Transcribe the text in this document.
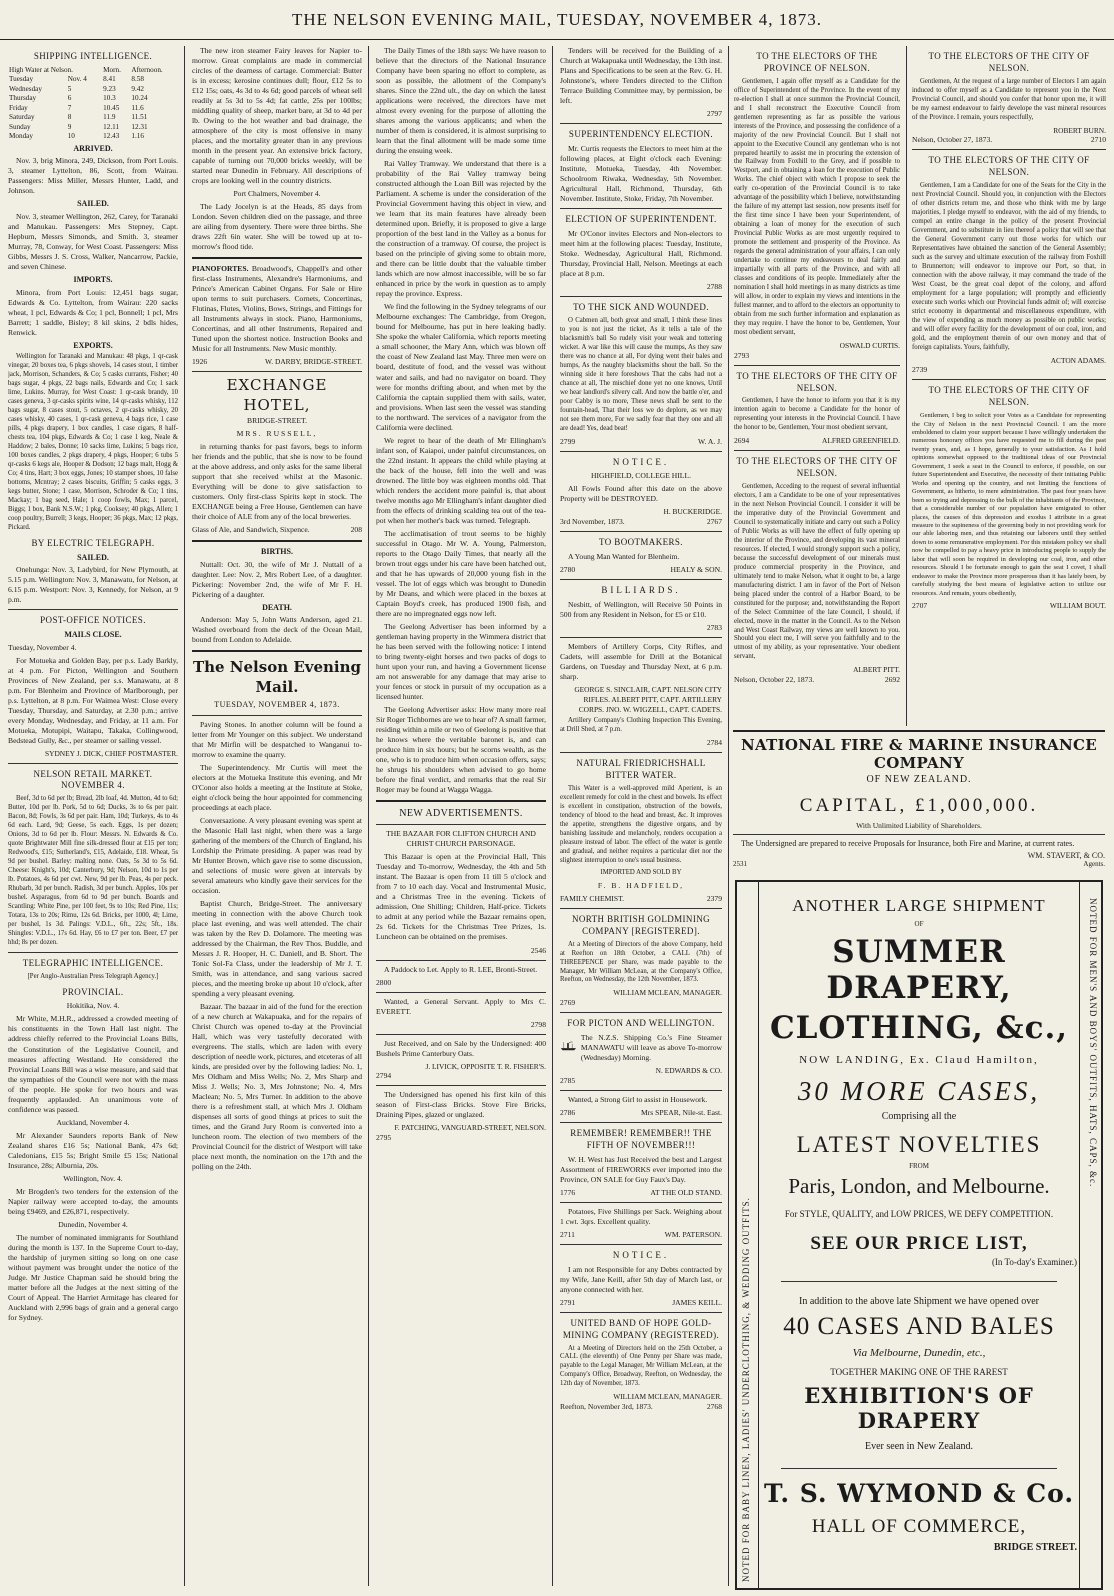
THE NELSON EVENING MAIL, TUESDAY, NOVEMBER 4, 1873.
SHIPPING INTELLIGENCE.
High Water at Nelson.		Morn.	Afternoon.
Tuesday	Nov. 4	8.41	8.58
Wednesday	5	9.23	9.42
Thursday	6	10.3	10.24
Friday	7	10.45	11.6
Saturday	8	11.9	11.51
Sunday	9	12.11	12.31
Monday	10	12.43	1.16
ARRIVED.

Nov. 3, brig Minora, 249, Dickson, from Port Louis. 3, steamer Lyttelton, 86, Scott, from Wairau. Passengers: Miss Miller, Messrs Hunter, Ladd, and Johnson.

SAILED.

Nov. 3, steamer Wellington, 262, Carey, for Taranaki and Manukau. Passengers: Mrs Stepney, Capt. Hepburn, Messrs Simonds, and Smith. 3, steamer Murray, 78, Conway, for West Coast. Passengers: Miss Gibbs, Messrs J. S. Cross, Walker, Nancarrow, Packie, and seven Chinese.

IMPORTS.

Minora, from Port Louis: 12,451 bags sugar, Edwards & Co. Lyttelton, from Wairau: 220 sacks wheat, 1 pcl, Edwards & Co; 1 pcl, Bonnell; 1 pcl, Mrs Barrett; 1 saddle, Bisley; 8 kil skins, 2 bdls hides, Renwick.

EXPORTS.

Wellington for Taranaki and Manukau: 48 pkgs, 1 qr-cask vinegar, 20 boxes tea, 6 pkgs shovels, 14 cases stout, 1 timber jack, Morrison, Schanders, & Co; 5 casks currants, Fisher; 40 bags sugar, 4 pkgs, 22 bags nails, Edwards and Co; 1 sack lime, Lukins. Murray, for West Coast: 1 qr-cask brandy, 10 cases geneva, 3 qr-casks spirits wine, 14 qr-casks whisky, 112 bags sugar, 8 cases stout, 5 octaves, 2 qr-casks whisky, 20 cases whisky, 40 cases, 1 qr-cask geneva, 4 bags rice, 1 case pills, 4 pkgs drapery, 1 box candles, 1 case cigars, 8 half-chests tea, 104 pkgs, Edwards & Co; 1 case 1 keg, Neale & Haddow; 2 bales, Donne; 10 sacks lime, Lukins; 5 bags rice, 100 boxes candles, 2 pkgs drapery, 4 pkgs, Hooper; 6 tubs 5 qr-casks 6 kegs ale, Hooper & Dodson; 12 bags malt, Hogg & Co; 4 tins, Hart; 3 box eggs, Jones; 10 stamper shoes, 10 false bottoms, Mcntray; 2 cases biscuits, Griffin; 5 casks eggs, 3 kegs butter, Stone; 1 case, Morrison, Schroder & Co; 1 tins, Mackay; 1 bag seed, Hale; 1 coop fowls, Max; 1 parcel, Biggs; 1 box, Bank N.S.W.; 1 pkg, Cooksey; 40 pkgs, Allen; 1 coop poultry, Burrell; 3 kegs, Hooper; 36 pkgs, Max; 12 pkgs, Pickard.

BY ELECTRIC TELEGRAPH.
SAILED.

Onehunga: Nov. 3, Ladybird, for New Plymouth, at 5.15 p.m. Wellington: Nov. 3, Manawatu, for Nelson, at 6.15 p.m. Westport: Nov. 3, Kennedy, for Nelson, at 9 p.m.

POST-OFFICE NOTICES.
MAILS CLOSE.

Tuesday, November 4.

For Motueka and Golden Bay, per p.s. Lady Barkly, at 4 p.m. For Picton, Wellington and Southern Provinces of New Zealand, per s.s. Manawatu, at 8 p.m. For Blenheim and Province of Marlborough, per p.s. Lyttelton, at 8 p.m. For Waimea West: Close every Tuesday, Thursday, and Saturday, at 2.30 p.m.; arrive every Monday, Wednesday, and Friday, at 11 a.m. For Motueka, Motupipi, Waitapu, Takaka, Collingwood, Bedstead Gully, &c., per steamer or sailing vessel.

SYDNEY J. DICK, CHIEF POSTMASTER.
NELSON RETAIL MARKET. NOVEMBER 4.

Beef, 3d to 6d per lb; Bread, 2lb loaf, 4d. Mutton, 4d to 6d; Butter, 10d per lb. Pork, 5d to 6d; Ducks, 3s to 6s per pair. Bacon, 8d; Fowls, 3s 6d per pair. Ham, 10d; Turkeys, 4s to 4s 6d each. Lard, 9d; Geese, 5s each. Eggs, 1s per dozen; Onions, 3d to 6d per lb. Flour: Messrs. N. Edwards & Co. quote Brightwater Mill fine silk-dressed flour at £15 per ton; Redwood's, £15; Sutherland's, £15, Adelaide, £18. Wheat, 5s 9d per bushel. Barley: malting none. Oats, 5s 3d to 5s 6d. Cheese: Knight's, 10d; Canterbury, 9d; Nelson, 10d to 1s per lb. Potatoes, 4s 6d per cwt. New, 9d per lb. Peas, 4s per peck. Rhubarb, 3d per bunch. Radish, 3d per bunch. Apples, 10s per bushel. Asparagus, from 6d to 9d per bunch. Boards and Scantling: White Pine, per 100 feet, 9s to 10s; Red Pine, 11s; Totara, 13s to 20s; Rimu, 12s 6d. Bricks, per 1000, 4l; Lime, per bushel, 1s 3d. Palings: V.D.L., 6ft., 22s; 5ft., 18s. Shingles: V.D.L., 17s 6d. Hay, £6 to £7 per ton. Beer, £7 per hhd; 8s per dozen.

TELEGRAPHIC INTELLIGENCE.

[Per Anglo-Australian Press Telegraph Agency.]

PROVINCIAL.

Hokitika, Nov. 4.

Mr White, M.H.R., addressed a crowded meeting of his constituents in the Town Hall last night. The address chiefly referred to the Provincial Loans Bills, the Constitution of the Legislative Council, and measures affecting Westland. He considered the Provincial Loans Bill was a wise measure, and said that the sympathies of the Council were not with the mass of the people. He spoke for two hours and was frequently applauded. An unanimous vote of confidence was passed.

Auckland, November 4.

Mr Alexander Saunders reports Bank of New Zealand shares £16 5s; National Bank, 47s 6d; Caledonians, £15 5s; Bright Smile £5 15s; National Insurance, 28s; Alburnia, 20s.

Wellington, Nov. 4.

Mr Brogden's two tenders for the extension of the Napier railway were accepted to-day, the amounts being £9469, and £26,871, respectively.

Dunedin, November 4.

The number of nominated immigrants for Southland during the month is 137. In the Supreme Court to-day, the hardship of jurymen sitting so long on one case without payment was brought under the notice of the Judge. Mr Justice Chapman said he should bring the matter before all the Judges at the next sitting of the Court of Appeal. The Harriet Armitage has cleared for Auckland with 2,996 bags of grain and a general cargo for Sydney.

The new iron steamer Fairy leaves for Napier to-morrow. Great complaints are made in commercial circles of the dearness of cartage. Commercial: Butter is in excess; kerosine continues dull; flour, £12 5s to £12 15s; oats, 4s 3d to 4s 6d; good parcels of wheat sell readily at 5s 3d to 5s 4d; fat cattle, 25s per 100lbs; middling quality of sheep, market bare, at 3d to 4d per lb. Owing to the hot weather and bad drainage, the atmosphere of the city is most offensive in many places, and the mortality greater than in any previous month in the present year. An extensive brick factory, capable of turning out 70,000 bricks weekly, will be started near Dunedin in February. All descriptions of crops are looking well in the country districts.

Port Chalmers, November 4.

The Lady Jocelyn is at the Heads, 85 days from London. Seven children died on the passage, and three are ailing from dysentery. There were three births. She draws 22ft 6in water. She will be towed up at to-morrow's flood tide.

PIANOFORTES. Broadwood's, Chappell's and other first-class Instruments, Alexandre's Harmoniums, and Prince's American Cabinet Organs. For Sale or Hire upon terms to suit purchasers. Cornets, Concertinas, Flutinas, Flutes, Violins, Bows, Strings, and Fittings for all Instruments always in stock. Piano, Harmoniums, Concertinas, and all other Instruments, Repaired and Tuned upon the shortest notice. Instruction Books and Music for all Instruments. New Music monthly.

1926	W. DARBY, BRIDGE-STREET.
EXCHANGE HOTEL,

BRIDGE-STREET.

MRS. RUSSELL,

in returning thanks for past favors, begs to inform her friends and the public, that she is now to be found at the above address, and only asks for the same liberal support that she received whilst at the Masonic. Everything will be done to give satisfaction to customers. Only first-class Spirits kept in stock. The EXCHANGE being a Free House, Gentlemen can have their choice of ALE from any of the local breweries.

Glass of Ale, and Sandwich, Sixpence.	208
BIRTHS.

Nuttall: Oct. 30, the wife of Mr J. Nuttall of a daughter. Lee: Nov. 2, Mrs Robert Lee, of a daughter. Pickering: November 2nd, the wife of Mr F. H. Pickering of a daughter.

DEATH.

Anderson: May 5, John Watts Anderson, aged 21. Washed overboard from the deck of the Ocean Mail, bound from London to Adelaide.

The Nelson Evening Mail.
TUESDAY, NOVEMBER 4, 1873.

Paving Stones. In another column will be found a letter from Mr Younger on this subject. We understand that Mr Mirfin will be despatched to Wanganui to-morrow to examine the quarry.

The Superintendency. Mr Curtis will meet the electors at the Motueka Institute this evening, and Mr O'Conor also holds a meeting at the Institute at Stoke, eight o'clock being the hour appointed for commencing proceedings at each place.

Conversazione. A very pleasant evening was spent at the Masonic Hall last night, when there was a large gathering of the members of the Church of England, his Lordship the Primate presiding. A paper was read by Mr Hunter Brown, which gave rise to some discussion, and selections of music were given at intervals by several amateurs who kindly gave their services for the occasion.

Baptist Church, Bridge-Street. The anniversary meeting in connection with the above Church took place last evening, and was well attended. The chair was taken by the Rev D. Dolamore. The meeting was addressed by the Chairman, the Rev Thos. Buddle, and Messrs J. R. Hooper, H. C. Daniell, and B. Short. The Tonic Sol-Fa Class, under the leadership of Mr J. T. Smith, was in attendance, and sang various sacred pieces, and the meeting broke up about 10 o'clock, after spending a very pleasant evening.

Bazaar. The bazaar in aid of the fund for the erection of a new church at Wakapuaka, and for the repairs of Christ Church was opened to-day at the Provincial Hall, which was very tastefully decorated with evergreens. The stalls, which are laden with every description of needle work, pictures, and etceteras of all kinds, are presided over by the following ladies: No. 1, Mrs Oldham and Miss Wells; No. 2, Mrs Sharp and Miss J. Wells; No. 3, Mrs Johnstone; No. 4, Mrs Maclean; No. 5, Mrs Turner. In addition to the above there is a refreshment stall, at which Mrs J. Oldham dispenses all sorts of good things at prices to suit the times, and the Grand Jury Room is converted into a luncheon room. The election of two members of the Provincial Council for the district of Westport will take place next month, the nomination on the 17th and the polling on the 24th.

The Daily Times of the 18th says: We have reason to believe that the directors of the National Insurance Company have been sparing no effort to complete, as soon as possible, the allotment of the Company's shares. Since the 22nd ult., the day on which the latest applications were received, the directors have met almost every evening for the purpose of allotting the shares among the various applicants; and when the number of them is considered, it is almost surprising to learn that the final allotment will be made some time during the ensuing week.

Rai Valley Tramway. We understand that there is a probability of the Rai Valley tramway being constructed although the Loan Bill was rejected by the Parliament. A scheme is under the consideration of the Provincial Government having this object in view, and we learn that its main features have already been determined upon. Briefly, it is proposed to give a large proportion of the best land in the Valley as a bonus for the construction of a tramway. Of course, the project is based on the principle of giving some to obtain more, and there can be little doubt that the valuable timber lands which are now almost inaccessible, will be so far enhanced in price by the work in question as to amply repay the province. Express.

We find the following in the Sydney telegrams of our Melbourne exchanges: The Cambridge, from Oregon, bound for Melbourne, has put in here leaking badly. She spoke the whaler California, which reports meeting a small schooner, the Mary Ann, which was blown off the coast of New Zealand last May. Three men were on board, destitute of food, and the vessel was without water and sails, and had no navigator on board. They were for months drifting about, and when met by the California the captain supplied them with sails, water, and provisions. When last seen the vessel was standing to the northward. The services of a navigator from the California were declined.

We regret to hear of the death of Mr Ellingham's infant son, of Kaiapoi, under painful circumstances, on the 22nd instant. It appears the child while playing at the back of the house, fell into the well and was drowned. The little boy was eighteen months old. That which renders the accident more painful is, that about twelve months ago Mr Ellingham's infant daughter died from the effects of drinking scalding tea out of the tea-pot when her mother's back was turned. Telegraph.

The acclimatisation of trout seems to be highly successful in Otago. Mr W. A. Young, Palmerston, reports to the Otago Daily Times, that nearly all the brown trout eggs under his care have been hatched out, and that he has upwards of 20,000 young fish in the vessel. The lot of eggs which was brought to Dunedin by Mr Deans, and which were placed in the boxes at Captain Boyd's creek, has produced 1900 fish, and there are no impregnated eggs now left.

The Geelong Advertiser has been informed by a gentleman having property in the Wimmera district that he has been served with the following notice: I intend to bring twenty-eight horses and two packs of dogs to hunt upon your run, and having a Government license am not answerable for any damage that may arise to your fences or stock in pursuit of my occupation as a licensed hunter.

The Geelong Advertiser asks: How many more real Sir Roger Tichbornes are we to hear of? A small farmer, residing within a mile or two of Geelong is positive that he knows where the veritable baronet is, and can produce him in six hours; but he scorns wealth, as the one, who is to produce him when occasion offers, says; he shrugs his shoulders when advised to go home before the final verdict, and remarks that the real Sir Roger may be found at Wagga Wagga.

NEW ADVERTISEMENTS.

THE BAZAAR FOR CLIFTON CHURCH AND CHRIST CHURCH PARSONAGE.

This Bazaar is open at the Provincial Hall, This Tuesday and To-morrow, Wednesday, the 4th and 5th instant. The Bazaar is open from 11 till 5 o'clock and from 7 to 10 each day. Vocal and Instrumental Music, and a Christmas Tree in the evening. Tickets of admission, One Shilling; Children, Half-price. Tickets to admit at any period while the Bazaar remains open, 2s 6d. Tickets for the Christmas Tree Prizes, 1s. Luncheon can be obtained on the premises.

2546

A Paddock to Let. Apply to R. LEE, Bronti-Street.

2800

Wanted, a General Servant. Apply to Mrs C. EVERETT.

2798

Just Received, and on Sale by the Undersigned: 400 Bushels Prime Canterbury Oats.

J. LIVICK, OPPOSITE T. R. FISHER'S.
2794

The Undersigned has opened his first kiln of this season of First-class Bricks. Stove Fire Bricks, Draining Pipes, glazed or unglazed.

F. PATCHING, VANGUARD-STREET, NELSON.
2795

Tenders will be received for the Building of a Church at Wakapuaka until Wednesday, the 13th inst. Plans and Specifications to be seen at the Rev. G. H. Johnstone's, where Tenders directed to the Clifton Terrace Building Committee may, by permission, be left.

2797
SUPERINTENDENCY ELECTION.

Mr. Curtis requests the Electors to meet him at the following places, at Eight o'clock each Evening: Institute, Motueka, Tuesday, 4th November. Schoolroom Riwaka, Wednesday, 5th November. Agricultural Hall, Richmond, Thursday, 6th November. Institute, Stoke, Friday, 7th November.

ELECTION OF SUPERINTENDENT.

Mr O'Conor invites Electors and Non-electors to meet him at the following places: Tuesday, Institute, Stoke. Wednesday, Agricultural Hall, Richmond. Thursday, Provincial Hall, Nelson. Meetings at each place at 8 p.m.

2788
TO THE SICK AND WOUNDED.

O Cabmen all, both great and small, I think these lines to you is not just the ticket, As it tells a tale of the blacksmith's ball So rudely visit your weak and tottering wicket. A war like this will cause the mumps, As they saw there was no chance at all, For dying went their bales and humps, As the naughty blacksmiths shout the ball. So the winning side it here foreshows That the cabs had not a chance at all, The mischief done yet no one knows, Until we hear landlord's silvery call. And now the battle o'er, and poor Cabby is no more, These news shall be sent to the fountain-head, That their loss we do deplore, as we may not see them more, For we sadly fear that they one and all are dead! Yes, dead beat!

2799	W. A. J.
NOTICE.

HIGHFIELD, COLLEGE HILL.

All Fowls Found after this date on the above Property will be DESTROYED.

H. BUCKERIDGE.
3rd November, 1873.	2767
TO BOOTMAKERS.

A Young Man Wanted for Blenheim.

2780	HEALY & SON.
BILLIARDS.

Nesbitt, of Wellington, will Receive 50 Points in 500 from any Resident in Nelson, for £5 or £10.

2783

Members of Artillery Corps, City Rifles, and Cadets, will assemble for Drill at the Botanical Gardens, on Tuesday and Thursday Next, at 6 p.m. sharp.

GEORGE S. SINCLAIR, CAPT. NELSON CITY RIFLES. ALBERT PITT, CAPT. ARTILLERY CORPS. JNO. W. WIGZELL, CAPT. CADETS.

Artillery Company's Clothing Inspection This Evening, at Drill Shed, at 7 p.m.

2784
NATURAL FRIEDRICHSHALL BITTER WATER.

This Water is a well-approved mild Aperient, is an excellent remedy for cold in the chest and bowels. Its effect is excellent in constipation, obstruction of the bowels, tendency of blood to the head and breast, &c. It improves the appetite, strengthens the digestive organs, and by banishing lassitude and melancholy, renders occupation a pleasure instead of labor. The effect of the water is gentle and gradual, and neither requires a particular diet nor the slightest interruption to one's usual business.

IMPORTED AND SOLD BY

F. B. HADFIELD,

FAMILY CHEMIST.	2379
NORTH BRITISH GOLDMINING COMPANY [REGISTERED].

At a Meeting of Directors of the above Company, held at Reefton on 18th October, a CALL (7th) of THREEPENCE per Share, was made payable to the Manager, Mr William McLean, at the Company's Office, Reefton, on Wednesday, the 12th November, 1873.

WILLIAM MCLEAN, MANAGER.
2769
FOR PICTON AND WELLINGTON.

The N.Z.S. Shipping Co.'s Fine Steamer MANAWATU will leave as above To-morrow (Wednesday) Morning.

N. EDWARDS & CO.
2785

Wanted, a Strong Girl to assist in Housework.

2786	Mrs SPEAR, Nile-st. East.
REMEMBER! REMEMBER!! THE FIFTH OF NOVEMBER!!!

W. H. West has Just Received the best and Largest Assortment of FIREWORKS ever imported into the Province, ON SALE for Guy Faux's Day.

1776	AT THE OLD STAND.

Potatoes, Five Shillings per Sack. Weighing about 1 cwt. 3qrs. Excellent quality.

2711	WM. PATERSON.
NOTICE.

I am not Responsible for any Debts contracted by my Wife, Jane Keill, after 5th day of March last, or anyone connected with her.

2791	JAMES KEILL.
UNITED BAND OF HOPE GOLD-MINING COMPANY (REGISTERED).

At a Meeting of Directors held on the 25th October, a CALL (the eleventh) of One Penny per Share was made, payable to the Legal Manager, Mr William McLean, at the Company's Office, Broadway, Reefton, on Wednesday, the 12th day of November, 1873.

WILLIAM MCLEAN, MANAGER.
Reefton, November 3rd, 1873.	2768
TO THE ELECTORS OF THE PROVINCE OF NELSON.

Gentlemen, I again offer myself as a Candidate for the office of Superintendent of the Province. In the event of my re-election I shall at once summon the Provincial Council, and I shall reconstruct the Executive Council from gentlemen representing as far as possible the various interests of the Province, and possessing the confidence of a majority of the new Provincial Council. But I shall not appoint to the Executive Council any gentleman who is not prepared heartily to assist me in procuring the extension of the Railway from Foxhill to the Grey, and if possible to Westport, and in obtaining a loan for the execution of Public Works. The chief object with which I propose to seek the early co-operation of the Provincial Council is to take advantage of the possibility which I believe, notwithstanding the failure of my attempt last session, now presents itself for the first time since I have been your Superintendent, of obtaining a loan of money for the execution of such Provincial Public Works as are most urgently required to promote the settlement and prosperity of the Province. As regards the general administration of your affairs, I can only undertake to continue my endeavours to deal fairly and impartially with all parts of the Province, and with all classes and conditions of its people. Immediately after the nomination I shall hold meetings in as many districts as time will allow, in order to explain my views and intentions in the fullest manner, and to afford to the electors an opportunity to obtain from me such further information and explanation as they may require. I have the honor to be, Gentlemen, Your most obedient servant,

OSWALD CURTIS.
2793
TO THE ELECTORS OF THE CITY OF NELSON.

Gentlemen, I have the honor to inform you that it is my intention again to become a Candidate for the honor of representing your interests in the Provincial Council. I have the honor to be, Gentlemen, Your most obedient servant,

2694	ALFRED GREENFIELD.
TO THE ELECTORS OF THE CITY OF NELSON.

Gentlemen, Acceding to the request of several influential electors, I am a Candidate to be one of your representatives in the next Nelson Provincial Council. I consider it will be the imperative duty of the Provincial Government and Council to systematically initiate and carry out such a Policy of Public Works as will have the effect of fully opening up the interior of the Province, and developing its vast mineral resources. If elected, I would strongly support such a policy, because the successful development of our minerals must produce commercial prosperity in the Province, and ultimately tend to make Nelson, what it ought to be, a large manufacturing district. I am in favor of the Port of Nelson being placed under the control of a Harbor Board, to be constituted for the purpose; and, notwithstanding the Report of the Select Committee of the late Council, I should, if elected, move in the matter in the Council. As to the Nelson and West Coast Railway, my views are well known to you. Should you elect me, I will serve you faithfully and to the utmost of my ability, as your representative. Your obedient servant,

ALBERT PITT.
Nelson, October 22, 1873.	2692
TO THE ELECTORS OF THE CITY OF NELSON.

Gentlemen, At the request of a large number of Electors I am again induced to offer myself as a Candidate to represent you in the Next Provincial Council, and should you confer that honor upon me, it will be my earnest endeavour to fairly develope the vast mineral resources of the Province. I remain, yours respectfully,

ROBERT BURN.
Nelson, October 27, 1873.	2710
TO THE ELECTORS OF THE CITY OF NELSON.

Gentlemen, I am a Candidate for one of the Seats for the City in the next Provincial Council. Should you, in conjunction with the Electors of other districts return me, and those who think with me by large majorities, I pledge myself to endeavor, with the aid of my friends, to compel an entire change in the policy of the present Provincial Government, and to substitute in lieu thereof a policy that will see that the General Government carry out those works for which our Representatives have obtained the sanction of the General Assembly; such as the survey and ultimate execution of the railway from Foxhill to Brunnerton; will endeavor to improve our Port, so that, in connection with the above railway, it may command the trade of the West Coast, be the great coal depot of the colony, and afford employment for a large population; will promptly and efficiently execute such works which our Provincial funds admit of; will exercise strict economy in departmental and miscellaneous expenditure, with the view of expending as much money as possible on public works; and will offer every facility for the development of our coal, iron, and gold, and the employment therein of our own money and that of foreign capitalists. Yours, faithfully,

ACTON ADAMS.
2739
TO THE ELECTORS OF THE CITY OF NELSON.

Gentlemen, I beg to solicit your Votes as a Candidate for representing the City of Nelson in the next Provincial Council. I am the more emboldened to claim your support because I have willingly undertaken the numerous honorary offices you have requested me to fill during the past twenty years, and, as I hope, generally to your satisfaction. As I hold opinions somewhat opposed to the traditional ideas of our Provincial Government, I seek a seat in the Council to enforce, if possible, on our future Superintendent and Executive, the necessity of their initiating Public Works and opening up the country, and not limiting the functions of Government, as hitherto, to mere administration. The past four years have been so trying and depressing to the bulk of the inhabitants of the Province, that a considerable number of our population have emigrated to other places, the causes of this depression and exodus I attribute in a great measure to the supineness of the governing body in not providing work for our able laboring men, and thus retaining our laborers until they settled down to some remunerative employment. For this mistaken policy we shall now be compelled to pay a heavy price in introducing people to supply the labor that will soon be required in developing our coal, iron, and other resources. Should I be fortunate enough to gain the seat I covet, I shall endeavor to make the Province more prosperous than it has lately been, by carefully studying the best means of legislative action to utilize our resources. And remain, yours obediently,

2707	WILLIAM BOUT.
NATIONAL FIRE & MARINE INSURANCE COMPANY
OF NEW ZEALAND.
CAPITAL, £1,000,000.
With Unlimited Liability of Shareholders.

The Undersigned are prepared to receive Proposals for Insurance, both Fire and Marine, at current rates.

WM. STAVERT, & CO.
2531	Agents.
NOTED FOR BABY LINEN, LADIES' UNDERCLOTHING, & WEDDING OUTFITS.
NOTED FOR MEN'S AND BOYS' OUTFITS, HATS, CAPS, &c.
ANOTHER LARGE SHIPMENT
OF
SUMMER DRAPERY,
CLOTHING, &c.,
NOW LANDING, Ex. Claud Hamilton,
30 MORE CASES,
Comprising all the
LATEST NOVELTIES
FROM
Paris, London, and Melbourne.
For STYLE, QUALITY, and LOW PRICES, WE DEFY COMPETITION.
SEE OUR PRICE LIST,
(In To-day's Examiner.)
In addition to the above late Shipment we have opened over
40 CASES AND BALES
Via Melbourne, Dunedin, etc.,
TOGETHER MAKING ONE OF THE RAREST
EXHIBITION'S OF DRAPERY
Ever seen in New Zealand.
T. S. WYMOND & Co.
HALL OF COMMERCE,
BRIDGE STREET.
